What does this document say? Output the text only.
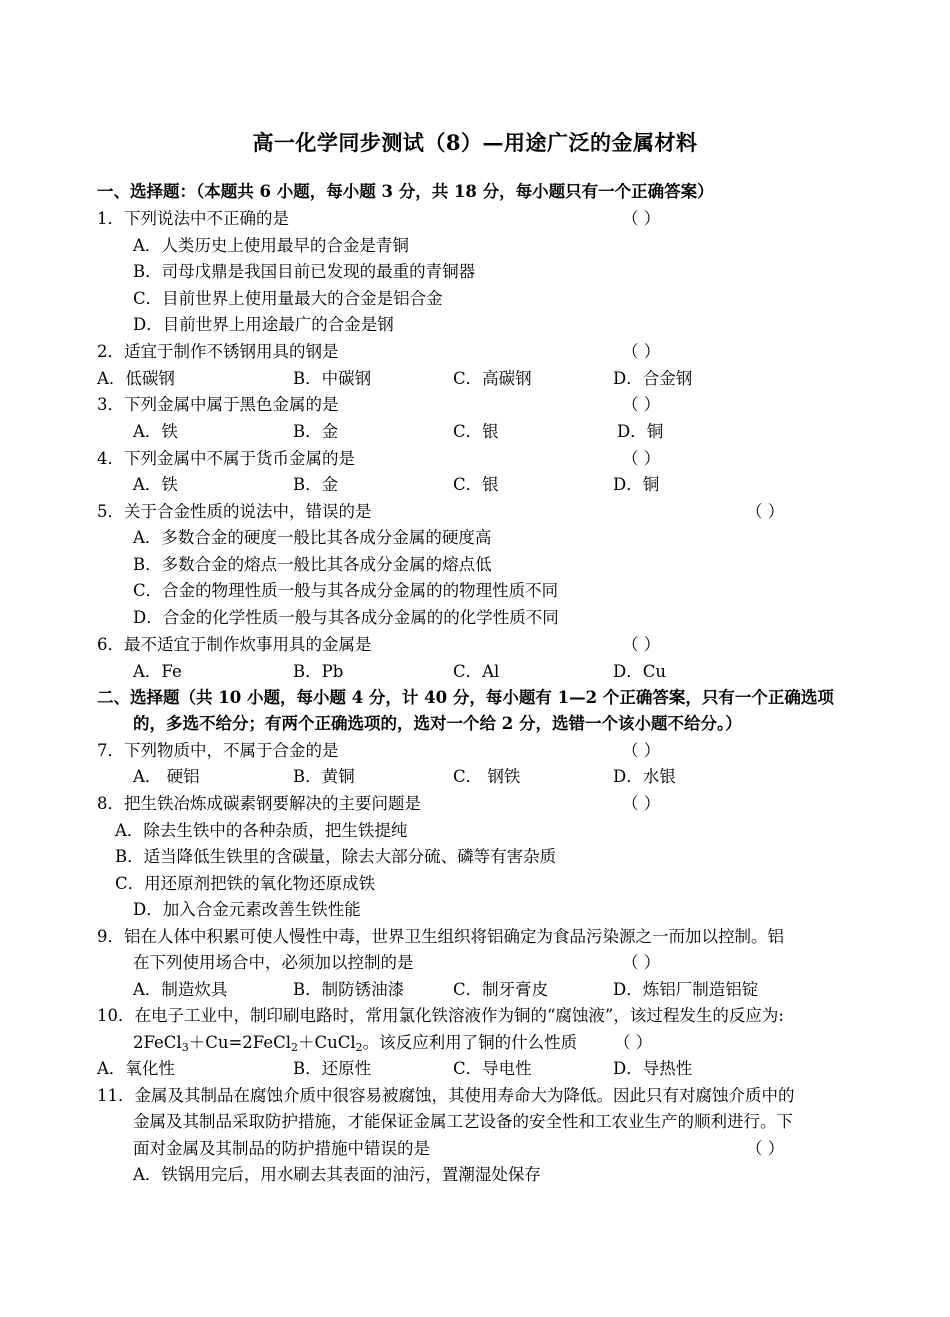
高一化学同步测试（8）—用途广泛的金属材料
一、选择题：（本题共 6 小题，每小题 3 分，共 18 分，每小题只有一个正确答案）
1．下列说法中不正确的是	（ ）
A．人类历史上使用最早的合金是青铜
B．司母戊鼎是我国目前已发现的最重的青铜器
C．目前世界上使用量最大的合金是铝合金
D．目前世界上用途最广的合金是钢
2．适宜于制作不锈钢用具的钢是	（ ）
A．低碳钢	B．中碳钢	C．高碳钢	D．合金钢
3．下列金属中属于黑色金属的是	（ ）
A．铁	B．金	C．银	D．铜
4．下列金属中不属于货币金属的是	（ ）
A．铁	B．金	C．银	D．铜
5．关于合金性质的说法中，错误的是	（ ）
A．多数合金的硬度一般比其各成分金属的硬度高
B．多数合金的熔点一般比其各成分金属的熔点低
C．合金的物理性质一般与其各成分金属的的物理性质不同
D．合金的化学性质一般与其各成分金属的的化学性质不同
6．最不适宜于制作炊事用具的金属是	（ ）
A．Fe	B．Pb	C．Al	D．Cu
二、选择题（共 10 小题，每小题 4 分，计 40 分，每小题有 1—2 个正确答案，只有一个正确选项
的，多选不给分；有两个正确选项的，选对一个给 2 分，选错一个该小题不给分。）
7．下列物质中，不属于合金的是	（ ）
A． 硬铝	B．黄铜	C． 钢铁	D．水银
8．把生铁冶炼成碳素钢要解决的主要问题是	（ ）
A．除去生铁中的各种杂质，把生铁提纯
B．适当降低生铁里的含碳量，除去大部分硫、磷等有害杂质
C．用还原剂把铁的氧化物还原成铁
D．加入合金元素改善生铁性能
9．铝在人体中积累可使人慢性中毒，世界卫生组织将铝确定为食品污染源之一而加以控制。铝
在下列使用场合中，必须加以控制的是	（ ）
A．制造炊具	B．制防锈油漆	C．制牙膏皮	D．炼铝厂制造铝锭
10．在电子工业中，制印刷电路时，常用氯化铁溶液作为铜的“腐蚀液”，该过程发生的反应为:
2FeCl$_3$＋Cu=2FeCl$_2$＋CuCl$_2$。该反应利用了铜的什么性质 （ ）
A．氧化性	B．还原性	C．导电性	D．导热性
11．金属及其制品在腐蚀介质中很容易被腐蚀，其使用寿命大为降低。因此只有对腐蚀介质中的
金属及其制品采取防护措施，才能保证金属工艺设备的安全性和工农业生产的顺利进行。下
面对金属及其制品的防护措施中错误的是	（ ）
A．铁锅用完后，用水刷去其表面的油污，置潮湿处保存
